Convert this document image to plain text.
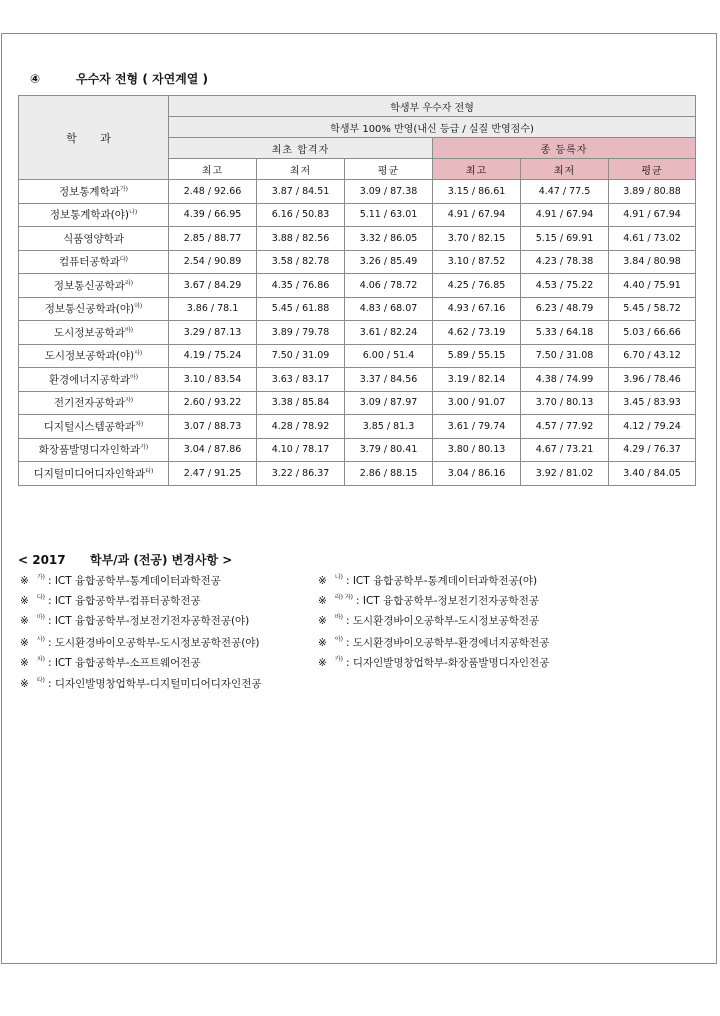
④	우수자 전형 ( 자연계열 )
학 과	학생부 우수자 전형					
	학생부 100% 반영(내신 등급 / 실질 반영점수)					
	최초 합격자			종 등록자		
	최고	최저	평균	최고	최저	평균
정보통계학과$^{가)}$	2.48 / 92.66	3.87 / 84.51	3.09 / 87.38	3.15 / 86.61	4.47 / 77.5	3.89 / 80.88
정보통계학과(야)$^{나)}$	4.39 / 66.95	6.16 / 50.83	5.11 / 63.01	4.91 / 67.94	4.91 / 67.94	4.91 / 67.94
식품영양학과	2.85 / 88.77	3.88 / 82.56	3.32 / 86.05	3.70 / 82.15	5.15 / 69.91	4.61 / 73.02
컴퓨터공학과$^{다)}$	2.54 / 90.89	3.58 / 82.78	3.26 / 85.49	3.10 / 87.52	4.23 / 78.38	3.84 / 80.98
정보통신공학과$^{라)}$	3.67 / 84.29	4.35 / 76.86	4.06 / 78.72	4.25 / 76.85	4.53 / 75.22	4.40 / 75.91
정보통신공학과(야)$^{마)}$	3.86 / 78.1	5.45 / 61.88	4.83 / 68.07	4.93 / 67.16	6.23 / 48.79	5.45 / 58.72
도시정보공학과$^{바)}$	3.29 / 87.13	3.89 / 79.78	3.61 / 82.24	4.62 / 73.19	5.33 / 64.18	5.03 / 66.66
도시정보공학과(야)$^{사)}$	4.19 / 75.24	7.50 / 31.09	6.00 / 51.4	5.89 / 55.15	7.50 / 31.08	6.70 / 43.12
환경에너지공학과$^{아)}$	3.10 / 83.54	3.63 / 83.17	3.37 / 84.56	3.19 / 82.14	4.38 / 74.99	3.96 / 78.46
전기전자공학과$^{자)}$	2.60 / 93.22	3.38 / 85.84	3.09 / 87.97	3.00 / 91.07	3.70 / 80.13	3.45 / 83.93
디지털시스템공학과$^{차)}$	3.07 / 88.73	4.28 / 78.92	3.85 / 81.3	3.61 / 79.74	4.57 / 77.92	4.12 / 79.24
화장품발명디자인학과$^{카)}$	3.04 / 87.86	4.10 / 78.17	3.79 / 80.41	3.80 / 80.13	4.67 / 73.21	4.29 / 76.37
디지털미디어디자인학과$^{타)}$	2.47 / 91.25	3.22 / 86.37	2.86 / 88.15	3.04 / 86.16	3.92 / 81.02	3.40 / 84.05
< 2017 학부/과 (전공) 변경사항 >
※ $^{가)}$ : ICT 융합공학부-통계데이터과학전공	※ $^{나)}$ : ICT 융합공학부-통계데이터과학전공(야)
※ $^{다)}$ : ICT 융합공학부-컴퓨터공학전공	※ $^{라) 자)}$ : ICT 융합공학부-정보전기전자공학전공
※ $^{마)}$ : ICT 융합공학부-정보전기전자공학전공(야)	※ $^{바)}$ : 도시환경바이오공학부-도시정보공학전공
※ $^{사)}$ : 도시환경바이오공학부-도시정보공학전공(야)	※ $^{아)}$ : 도시환경바이오공학부-환경에너지공학전공
※ $^{차)}$ : ICT 융합공학부-소프트웨어전공	※ $^{카)}$ : 디자인발명창업학부-화장품발명디자인전공
※ $^{타)}$ : 디자인발명창업학부-디지털미디어디자인전공
